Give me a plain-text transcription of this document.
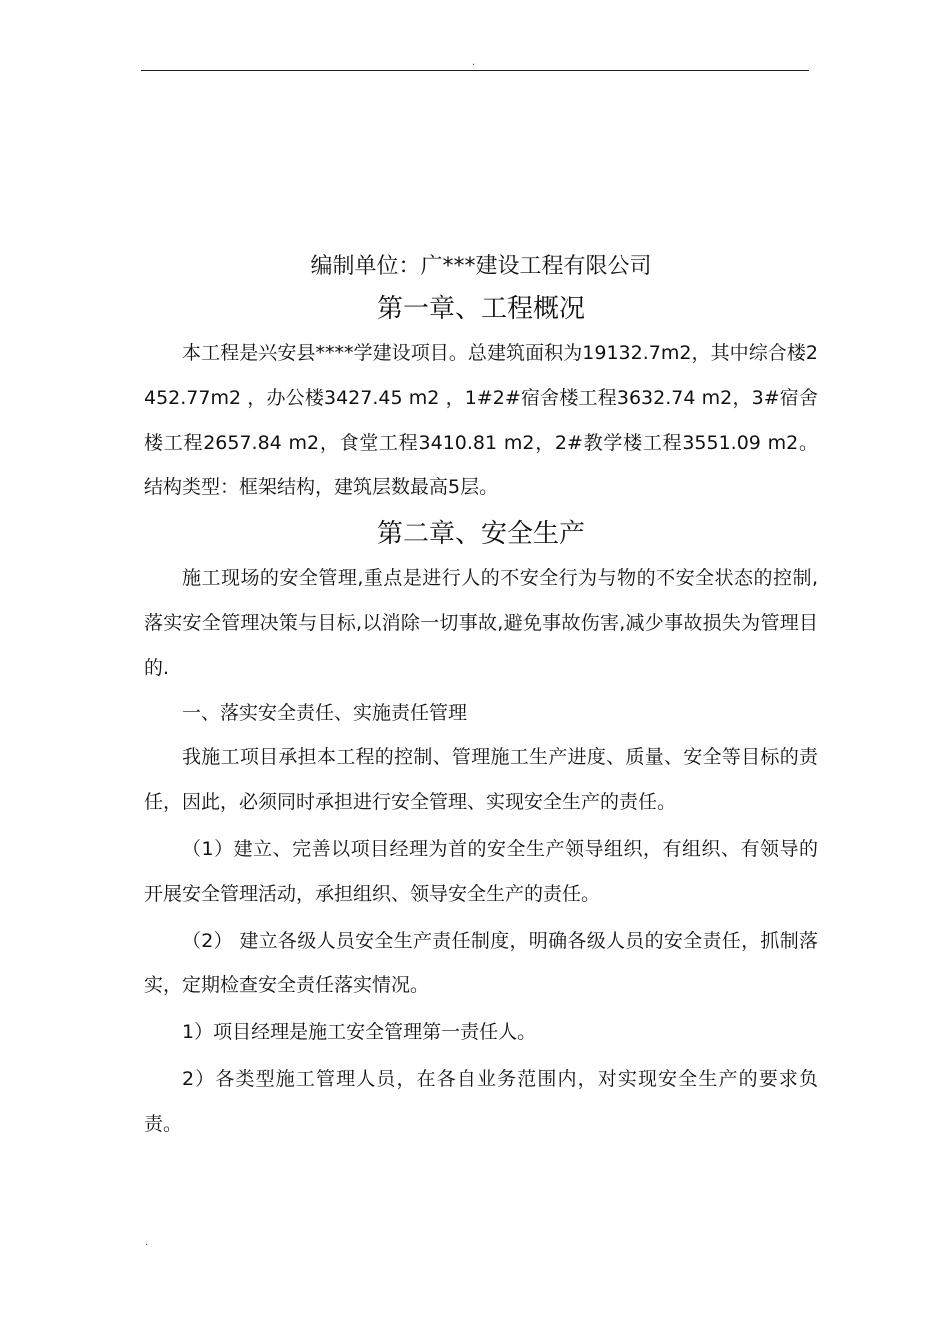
.

编制单位：广***建设工程有限公司

第一章、工程概况

本工程是兴安县****学建设项目。总建筑面积为19132.7m2，其中综合楼2452.77m2 ，办公楼3427.45 m2 ，1#2#宿舍楼工程3632.74 m2，3#宿舍楼工程2657.84 m2，食堂工程3410.81 m2，2#教学楼工程3551.09 m2。结构类型：框架结构，建筑层数最高5层。

第二章、安全生产

施工现场的安全管理,重点是进行人的不安全行为与物的不安全状态的控制,落实安全管理决策与目标,以消除一切事故,避免事故伤害,减少事故损失为管理目的.

一、落实安全责任、实施责任管理

我施工项目承担本工程的控制、管理施工生产进度、质量、安全等目标的责任，因此，必须同时承担进行安全管理、实现安全生产的责任。

（1）建立、完善以项目经理为首的安全生产领导组织，有组织、有领导的开展安全管理活动，承担组织、领导安全生产的责任。

（2） 建立各级人员安全生产责任制度，明确各级人员的安全责任，抓制落实，定期检查安全责任落实情况。

1）项目经理是施工安全管理第一责任人。

2）各类型施工管理人员，在各自业务范围内，对实现安全生产的要求负责。

.
